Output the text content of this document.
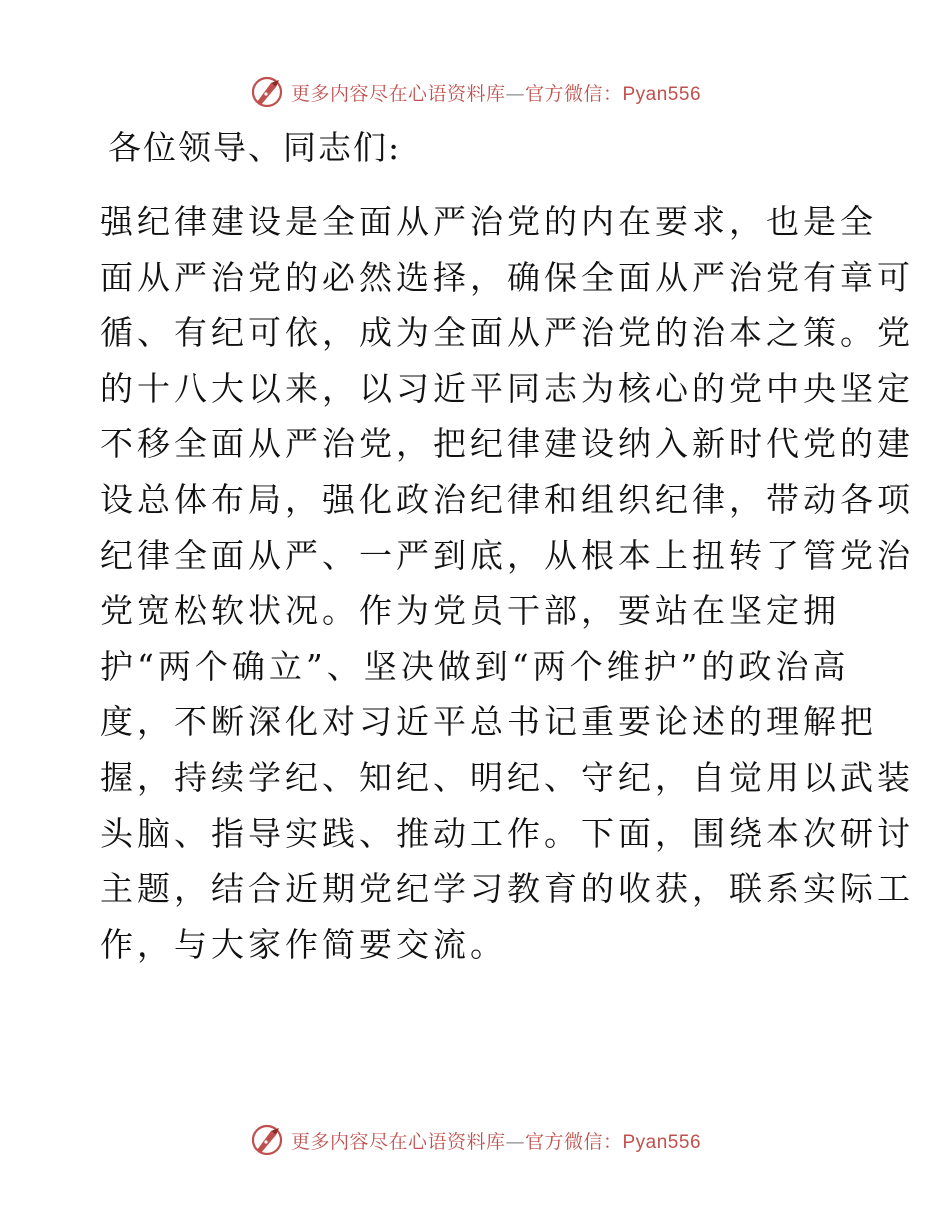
更多内容尽在心语资料库—官方微信：Pyan556
各位领导、同志们:
强纪律建设是全面从严治党的内在要求，也是全
面从严治党的必然选择，确保全面从严治党有章可
循、有纪可依，成为全面从严治党的治本之策。党
的十八大以来，以习近平同志为核心的党中央坚定
不移全面从严治党，把纪律建设纳入新时代党的建
设总体布局，强化政治纪律和组织纪律，带动各项
纪律全面从严、一严到底，从根本上扭转了管党治
党宽松软状况。作为党员干部，要站在坚定拥
护“两个确立”、坚决做到“两个维护”的政治高
度，不断深化对习近平总书记重要论述的理解把
握，持续学纪、知纪、明纪、守纪，自觉用以武装
头脑、指导实践、推动工作。下面，围绕本次研讨
主题，结合近期党纪学习教育的收获，联系实际工
作，与大家作简要交流。
更多内容尽在心语资料库—官方微信：Pyan556
